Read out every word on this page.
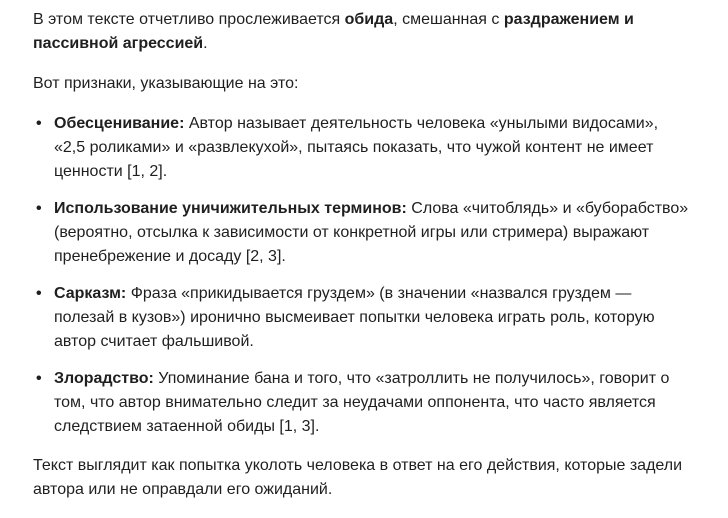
В этом тексте отчетливо прослеживается обида, смешанная с раздражением и пассивной агрессией.

Вот признаки, указывающие на это:

• Обесценивание: Автор называет деятельность человека «унылыми видосами», «2,5 роликами» и «развлекухой», пытаясь показать, что чужой контент не имеет ценности [1, 2].
• Использование уничижительных терминов: Слова «читоблядь» и «буборабство» (вероятно, отсылка к зависимости от конкретной игры или стримера) выражают пренебрежение и досаду [2, 3].
• Сарказм: Фраза «прикидывается груздем» (в значении «назвался груздем — полезай в кузов») иронично высмеивает попытки человека играть роль, которую автор считает фальшивой.
• Злорадство: Упоминание бана и того, что «затроллить не получилось», говорит о том, что автор внимательно следит за неудачами оппонента, что часто является следствием затаенной обиды [1, 3].

Текст выглядит как попытка уколоть человека в ответ на его действия, которые задели автора или не оправдали его ожиданий.
